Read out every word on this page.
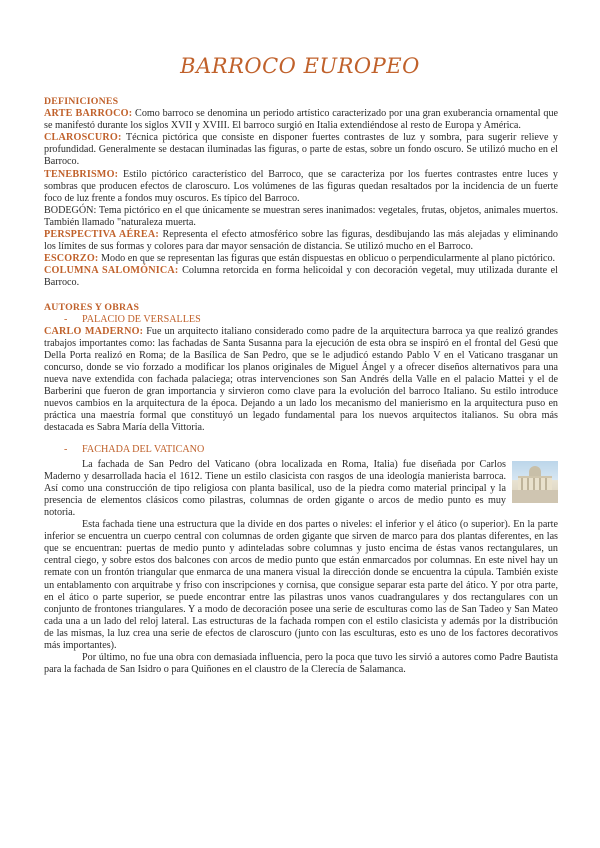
BARROCO EUROPEO
DEFINICIONES

ARTE BARROCO: Como barroco se denomina un periodo artístico caracterizado por una gran exuberancia ornamental que se manifestó durante los siglos XVII y XVIII. El barroco surgió en Italia extendiéndose al resto de Europa y América.

CLAROSCURO: Técnica pictórica que consiste en disponer fuertes contrastes de luz y sombra, para sugerir relieve y profundidad. Generalmente se destacan iluminadas las figuras, o parte de estas, sobre un fondo oscuro. Se utilizó mucho en el Barroco.

TENEBRISMO: Estilo pictórico característico del Barroco, que se caracteriza por los fuertes contrastes entre luces y sombras que producen efectos de claroscuro. Los volúmenes de las figuras quedan resaltados por la incidencia de un fuerte foco de luz frente a fondos muy oscuros. Es típico del Barroco.

BODEGÓN: Tema pictórico en el que únicamente se muestran seres inanimados: vegetales, frutas, objetos, animales muertos. También llamado "naturaleza muerta.

PERSPECTIVA AÉREA: Representa el efecto atmosférico sobre las figuras, desdibujando las más alejadas y eliminando los límites de sus formas y colores para dar mayor sensación de distancia. Se utilizó mucho en el Barroco.

ESCORZO: Modo en que se representan las figuras que están dispuestas en oblicuo o perpendicularmente al plano pictórico.

COLUMNA SALOMÓNICA: Columna retorcida en forma helicoidal y con decoración vegetal, muy utilizada durante el Barroco.

AUTORES Y OBRAS
- PALACIO DE VERSALLES

CARLO MADERNO: Fue un arquitecto italiano considerado como padre de la arquitectura barroca ya que realizó grandes trabajos importantes como: las fachadas de Santa Susanna para la ejecución de esta obra se inspiró en el frontal del Gesú que Della Porta realizó en Roma; de la Basílica de San Pedro, que se le adjudicó estando Pablo V en el Vaticano trasganar un concurso, donde se vio forzado a modificar los planos originales de Miguel Ángel y a ofrecer diseños alternativos para una nueva nave extendida con fachada palaciega; otras intervenciones son San Andrés della Valle en el palacio Mattei y el de Barberini que fueron de gran importancia y sirvieron como clave para la evolución del barroco Italiano. Su estilo introduce nuevos cambios en la arquitectura de la época. Dejando a un lado los mecanismo del manierismo en la arquitectura puso en práctica una maestría formal que constituyó un legado fundamental para los nuevos arquitectos italianos. Su obra más destacada es Sabra María della Vittoria.

- FACHADA DEL VATICANO

La fachada de San Pedro del Vaticano (obra localizada en Roma, Italia) fue diseñada por Carlos Maderno y desarrollada hacia el 1612. Tiene un estilo clasicista con rasgos de una ideología manierista barroca. Así como una construcción de tipo religiosa con planta basilical, uso de la piedra como material principal y la presencia de elementos clásicos como pilastras, columnas de orden gigante o arcos de medio punto es muy notoria.

Esta fachada tiene una estructura que la divide en dos partes o niveles: el inferior y el ático (o superior). En la parte inferior se encuentra un cuerpo central con columnas de orden gigante que sirven de marco para dos plantas diferentes, en las que se encuentran: puertas de medio punto y adinteladas sobre columnas y justo encima de éstas vanos rectangulares, un central ciego, y sobre estos dos balcones con arcos de medio punto que están enmarcados por columnas. En este nivel hay un remate con un frontón triangular que enmarca de una manera visual la dirección donde se encuentra la cúpula. También existe un entablamento con arquitrabe y friso con inscripciones y cornisa, que consigue separar esta parte del ático. Y por otra parte, en el ático o parte superior, se puede encontrar entre las pilastras unos vanos cuadrangulares y dos rectangulares con un conjunto de frontones triangulares. Y a modo de decoración posee una serie de esculturas como las de San Tadeo y San Mateo cada una a un lado del reloj lateral. Las estructuras de la fachada rompen con el estilo clasicista y además por la distribución de las mismas, la luz crea una serie de efectos de claroscuro (junto con las esculturas, esto es uno de los factores decorativos más importantes).

Por último, no fue una obra con demasiada influencia, pero la poca que tuvo les sirvió a autores como Padre Bautista para la fachada de San Isidro o para Quiñones en el claustro de la Clerecía de Salamanca.
